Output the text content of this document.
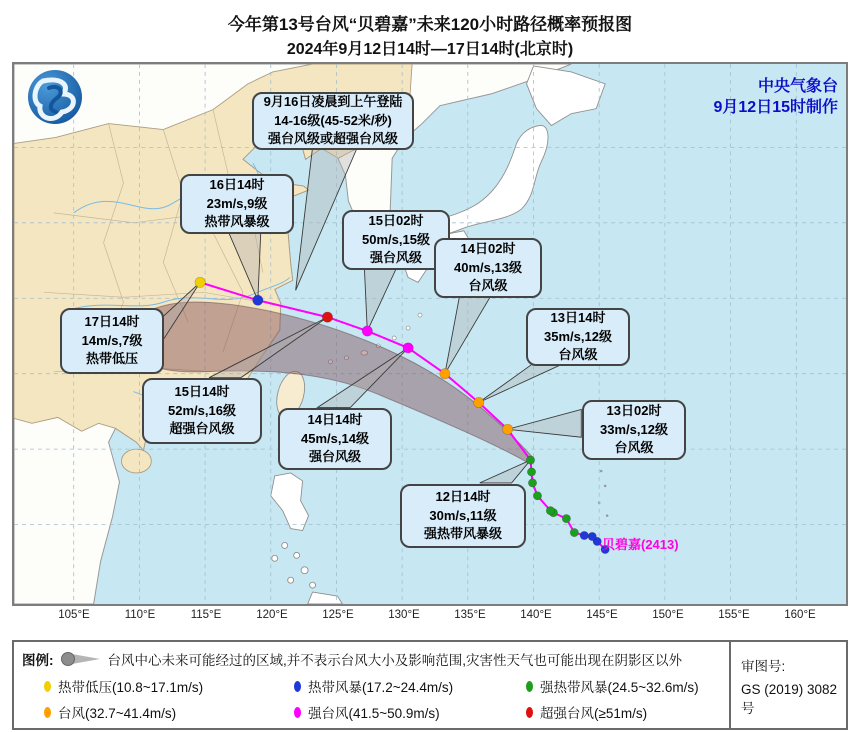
今年第13号台风“贝碧嘉”未来120小时路径概率预报图
2024年9月12日14时—17日14时(北京时)
中央气象台
9月12日15时制作
9月16日凌晨到上午登陆
14-16级(45-52米/秒)
强台风级或超强台风级
16日14时
23m/s,9级
热带风暴级	15日02时
50m/s,15级
强台风级
14日02时
40m/s,13级
台风级
13日14时
35m/s,12级
台风级
13日02时
33m/s,12级
台风级
12日14时
30m/s,11级
强热带风暴级
14日14时
45m/s,14级
强台风级
15日14时
52m/s,16级
超强台风级
17日14时
14m/s,7级
热带低压
贝碧嘉(2413)
105°E	110°E	115°E	120°E	125°E	130°E	135°E	140°E	145°E	150°E	155°E	160°E
图例:	台风中心未来可能经过的区域,并不表示台风大小及影响范围,灾害性天气也可能出现在阴影区以外
热带低压(10.8~17.1m/s)	热带风暴(17.2~24.4m/s)	强热带风暴(24.5~32.6m/s)
台风(32.7~41.4m/s)	强台风(41.5~50.9m/s)	超强台风(≥51m/s)
审图号:
GS (2019) 3082号
